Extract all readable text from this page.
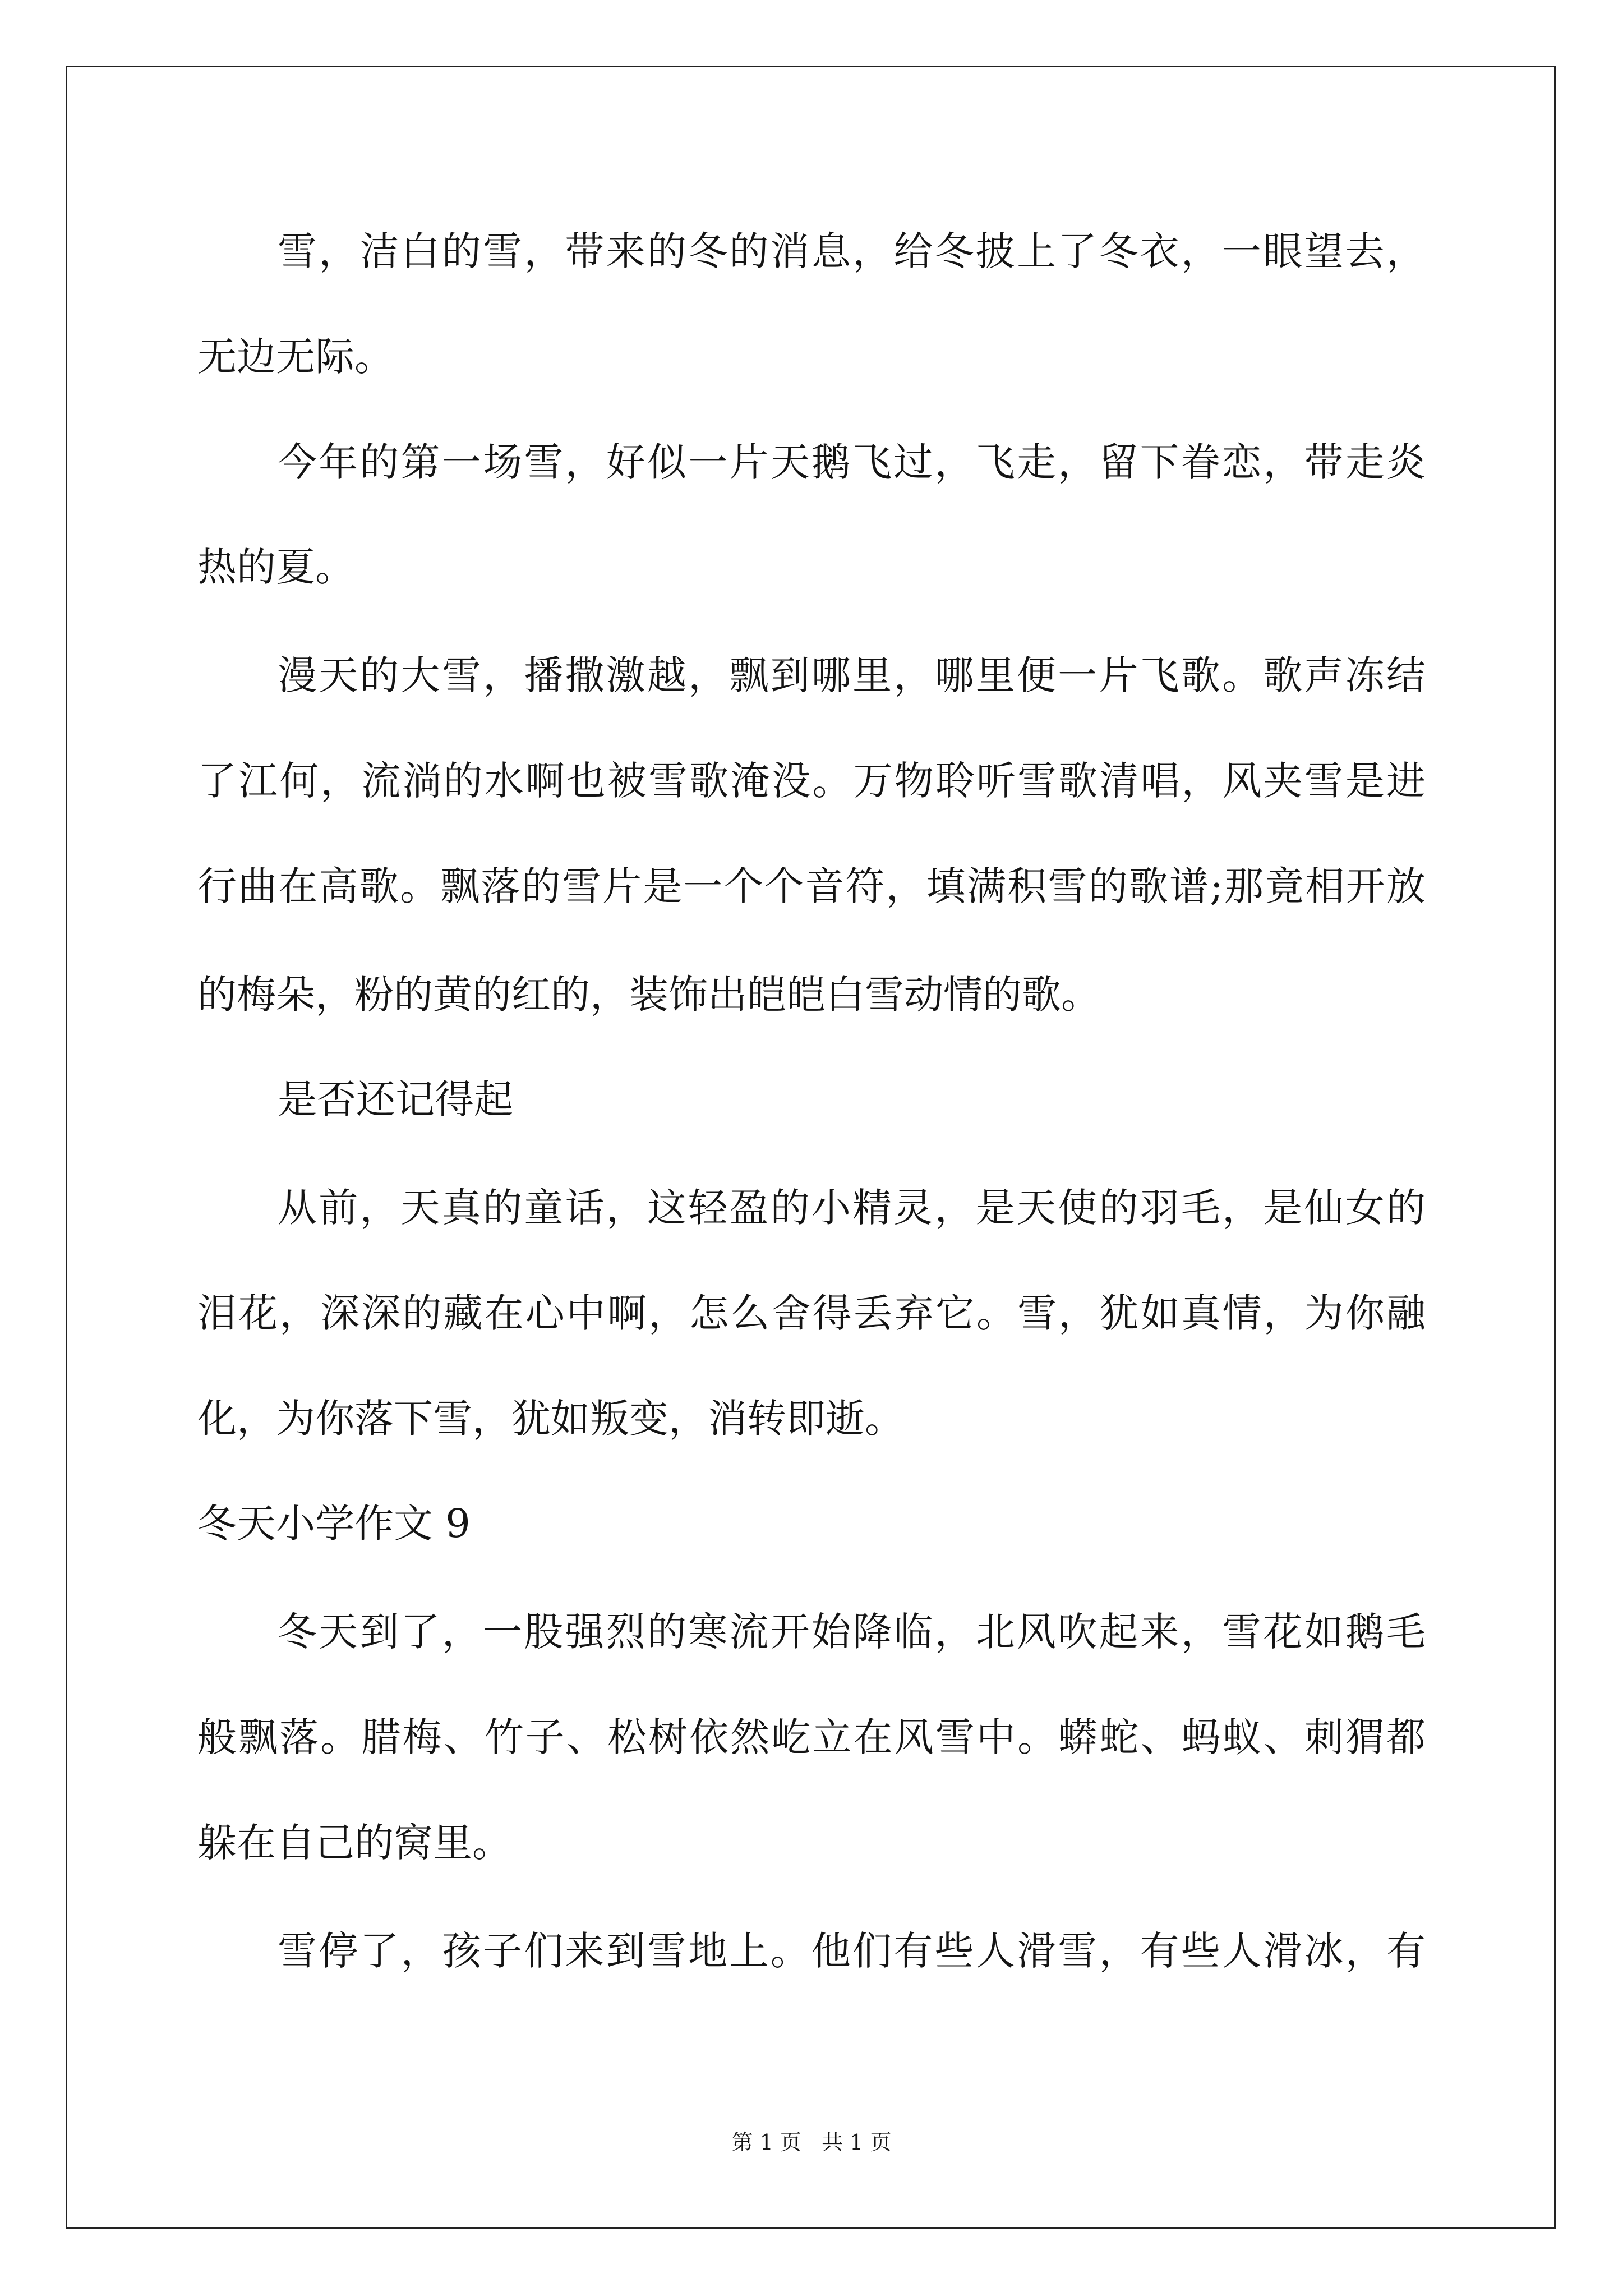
雪，洁白的雪，带来的冬的消息，给冬披上了冬衣，一眼望去，
无边无际。
今年的第一场雪，好似一片天鹅飞过，飞走，留下眷恋，带走炎
热的夏。
漫天的大雪，播撒激越，飘到哪里，哪里便一片飞歌。歌声冻结
了江何，流淌的水啊也被雪歌淹没。万物聆听雪歌清唱，风夹雪是进
行曲在高歌。飘落的雪片是一个个音符，填满积雪的歌谱;那竟相开放
的梅朵，粉的黄的红的，装饰出皑皑白雪动情的歌。
是否还记得起
从前，天真的童话，这轻盈的小精灵，是天使的羽毛，是仙女的
泪花，深深的藏在心中啊，怎么舍得丢弃它。雪，犹如真情，为你融
化，为你落下雪，犹如叛变，消转即逝。
冬天小学作文 9
冬天到了，一股强烈的寒流开始降临，北风吹起来，雪花如鹅毛
般飘落。腊梅、竹子、松树依然屹立在风雪中。蟒蛇、蚂蚁、刺猬都
躲在自己的窝里。
雪停了，孩子们来到雪地上。他们有些人滑雪，有些人滑冰，有
第 1 页   共 1 页
